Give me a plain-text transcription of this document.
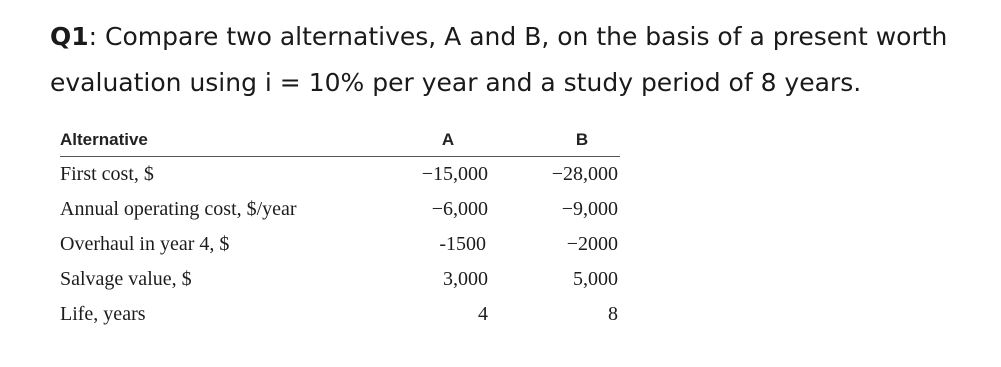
Q1: Compare two alternatives, A and B, on the basis of a present worth evaluation using i = 10% per year and a study period of 8 years.
Alternative	A	B
First cost, $	−15,000	−28,000
Annual operating cost, $/year	−6,000	−9,000
Overhaul in year 4, $	-1500	−2000
Salvage value, $	3,000	5,000
Life, years	4	8
